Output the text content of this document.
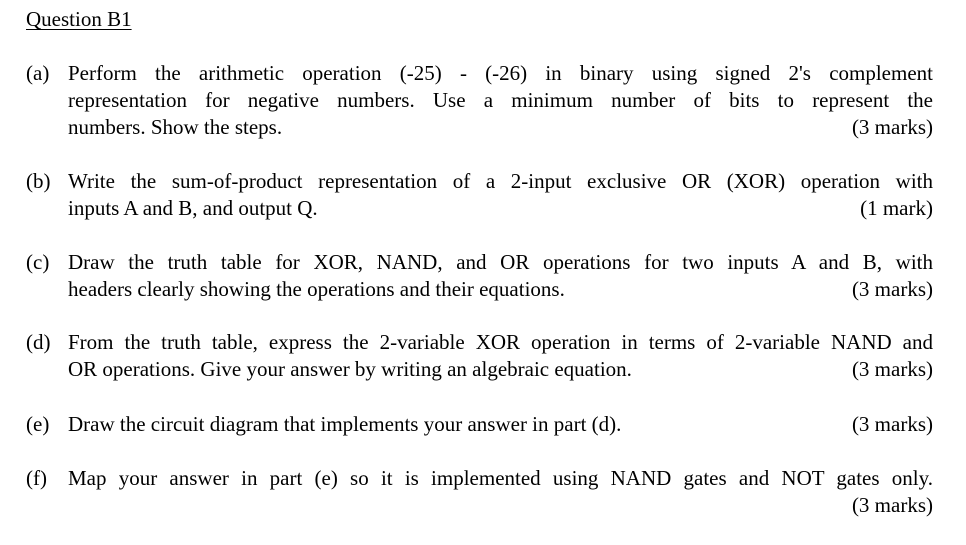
Question B1
(a) Perform the arithmetic operation (-25) - (-26) in binary using signed 2's complement
representation for negative numbers. Use a minimum number of bits to represent the
numbers. Show the steps.	(3 marks)
(b) Write the sum-of-product representation of a 2-input exclusive OR (XOR) operation with
inputs A and B, and output Q.	(1 mark)
(c) Draw the truth table for XOR, NAND, and OR operations for two inputs A and B, with
headers clearly showing the operations and their equations.	(3 marks)
(d) From the truth table, express the 2-variable XOR operation in terms of 2-variable NAND and
OR operations. Give your answer by writing an algebraic equation.	(3 marks)
(e) Draw the circuit diagram that implements your answer in part (d).	(3 marks)
(f)	Map your answer in part (e) so it is implemented using NAND gates and NOT gates only.
(3 marks)
